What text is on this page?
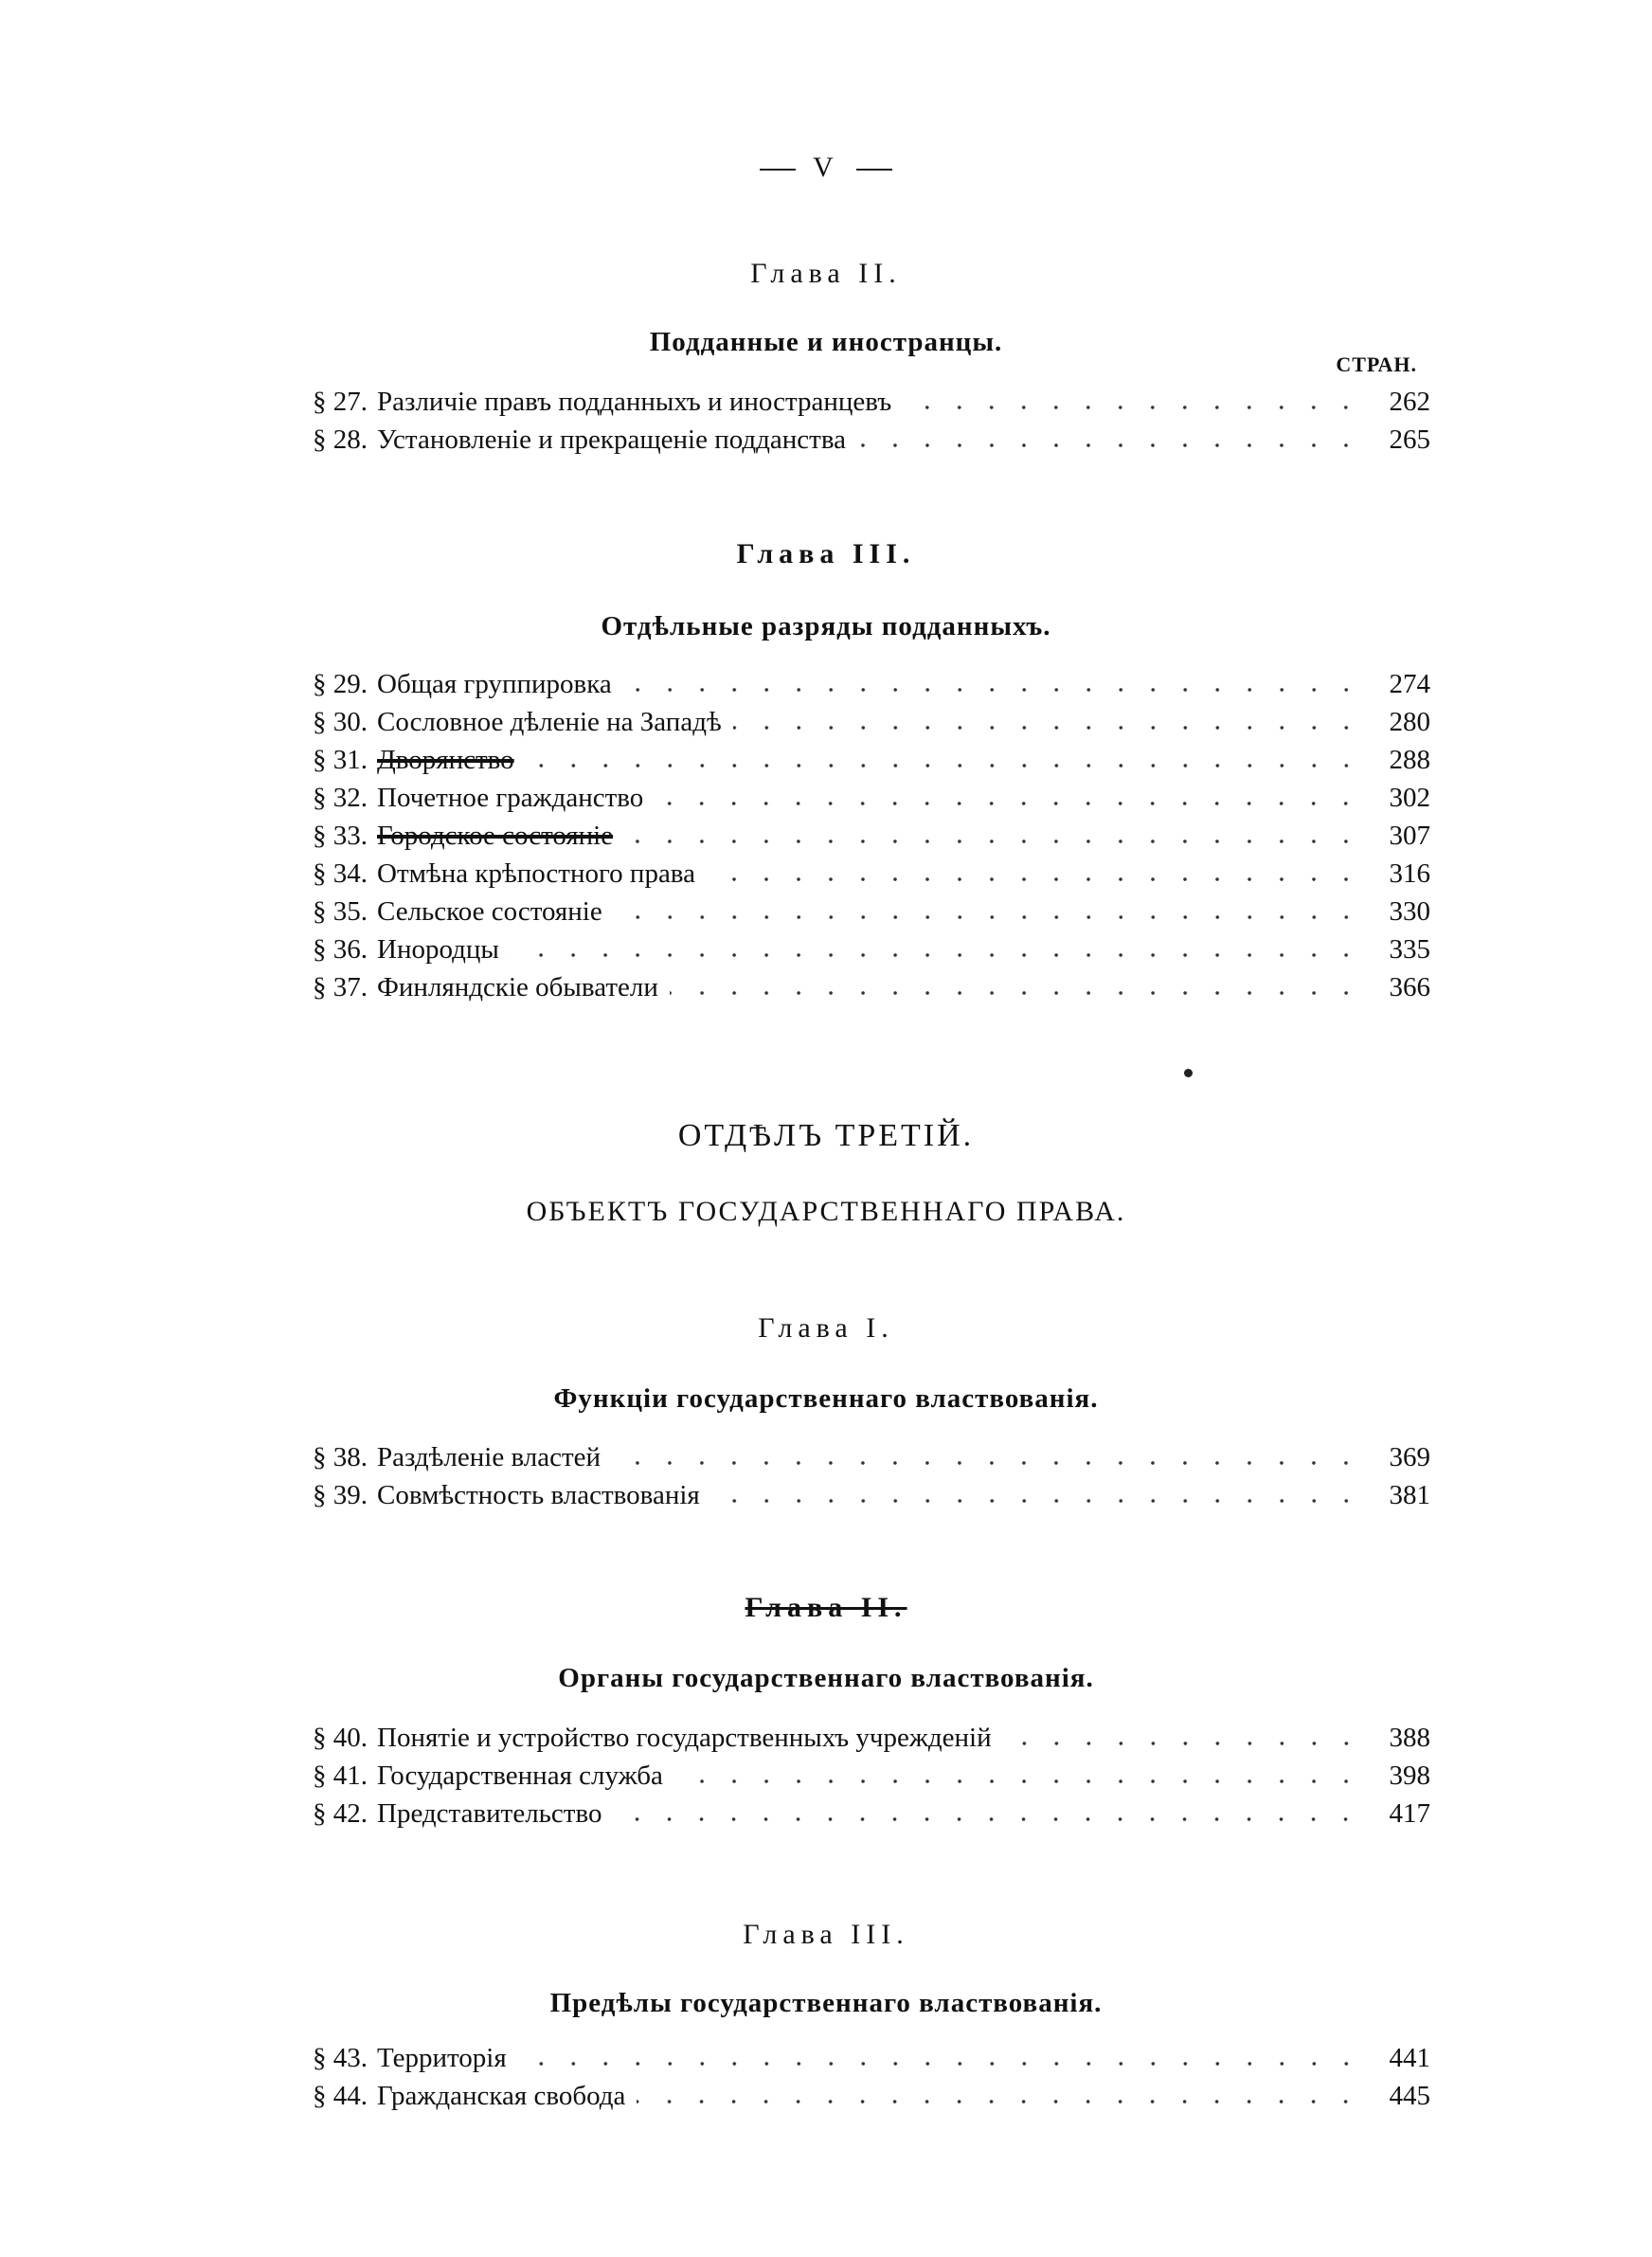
V
Глава II.
Подданные и иностранцы.
СТРАН.
§ 27. Различіе правъ подданныхъ и иностранцевъ	262
§ 28. Установленіе и прекращеніе подданства	265
Глава III.
Отдѣльные разряды подданныхъ.
§ 29. Общая группировка	274
§ 30. Сословное дѣленіе на Западѣ	280
§ 31. Дворянство	288
§ 32. Почетное гражданство	302
§ 33. Городское состояніе	307
§ 34. Отмѣна крѣпостного права	316
§ 35. Сельское состояніе	330
§ 36. Инородцы	335
§ 37. Финляндскіе обыватели	366
ОТДѢЛЪ ТРЕТІЙ.
ОБЪЕКТЪ ГОСУДАРСТВЕННАГО ПРАВА.
Глава I.
Функціи государственнаго властвованія.
§ 38. Раздѣленіе властей	369
§ 39. Совмѣстность властвованія	381
Глава II.
Органы государственнаго властвованія.
§ 40. Понятіе и устройство государственныхъ учрежденій	388
§ 41. Государственная служба	398
§ 42. Представительство	417
Глава III.
Предѣлы государственнаго властвованія.
§ 43. Территорія	441
§ 44. Гражданская свобода	445
